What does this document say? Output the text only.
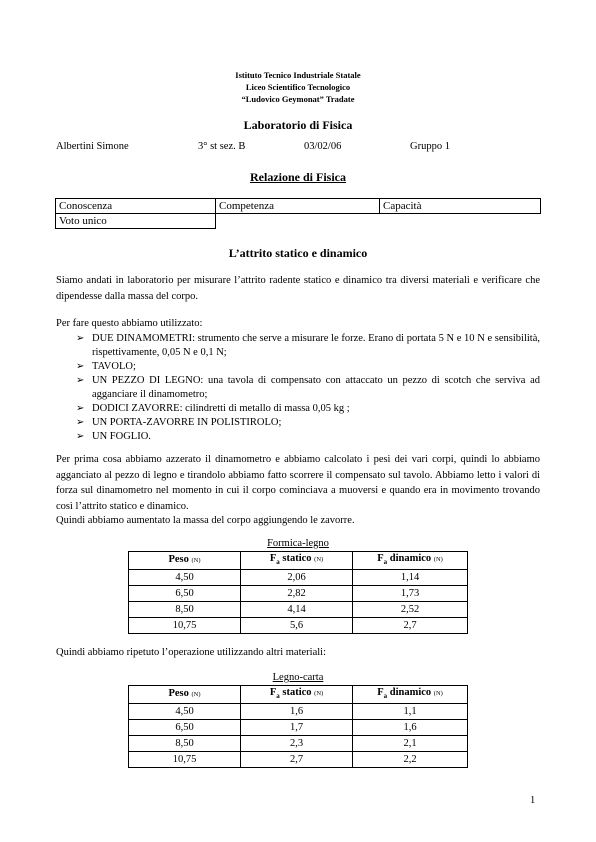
Istituto Tecnico Industriale Statale
Liceo Scientifico Tecnologico
“Ludovico Geymonat” Tradate
Laboratorio di Fisica
Albertini Simone	3° st sez. B	03/02/06	Gruppo 1
Relazione di Fisica
Conoscenza	Competenza	Capacità
Voto unico
L’attrito statico e dinamico
Siamo andati in laboratorio per misurare l’attrito radente statico e dinamico tra diversi materiali e verificare che dipendesse dalla massa del corpo.
Per fare questo abbiamo utilizzato:
➢ DUE DINAMOMETRI: strumento che serve a misurare le forze. Erano di portata 5 N e 10 N e sensibilità, rispettivamente, 0,05 N e 0,1 N;
➢ TAVOLO;
➢ UN PEZZO DI LEGNO: una tavola di compensato con attaccato un pezzo di scotch che serviva ad agganciare il dinamometro;
➢ DODICI ZAVORRE: cilindretti di metallo di massa 0,05 kg ;
➢ UN PORTA-ZAVORRE IN POLISTIROLO;
➢ UN FOGLIO.
Per prima cosa abbiamo azzerato il dinamometro e abbiamo calcolato i pesi dei vari corpi, quindi lo abbiamo agganciato al pezzo di legno e tirandolo abbiamo fatto scorrere il compensato sul tavolo. Abbiamo letto i valori di forza sul dinamometro nel momento in cui il corpo cominciava a muoversi e quando era in movimento trovando così l’attrito statico e dinamico.
Quindi abbiamo aumentato la massa del corpo aggiungendo le zavorre.
Formica-legno
Peso (N)	$F_a$ statico (N)	$F_a$ dinamico (N)
4,50	2,06	1,14
6,50	2,82	1,73
8,50	4,14	2,52
10,75	5,6	2,7
Quindi abbiamo ripetuto l’operazione utilizzando altri materiali:
Legno-carta
Peso (N)	$F_a$ statico (N)	$F_a$ dinamico (N)
4,50	1,6	1,1
6,50	1,7	1,6
8,50	2,3	2,1
10,75	2,7	2,2
1
